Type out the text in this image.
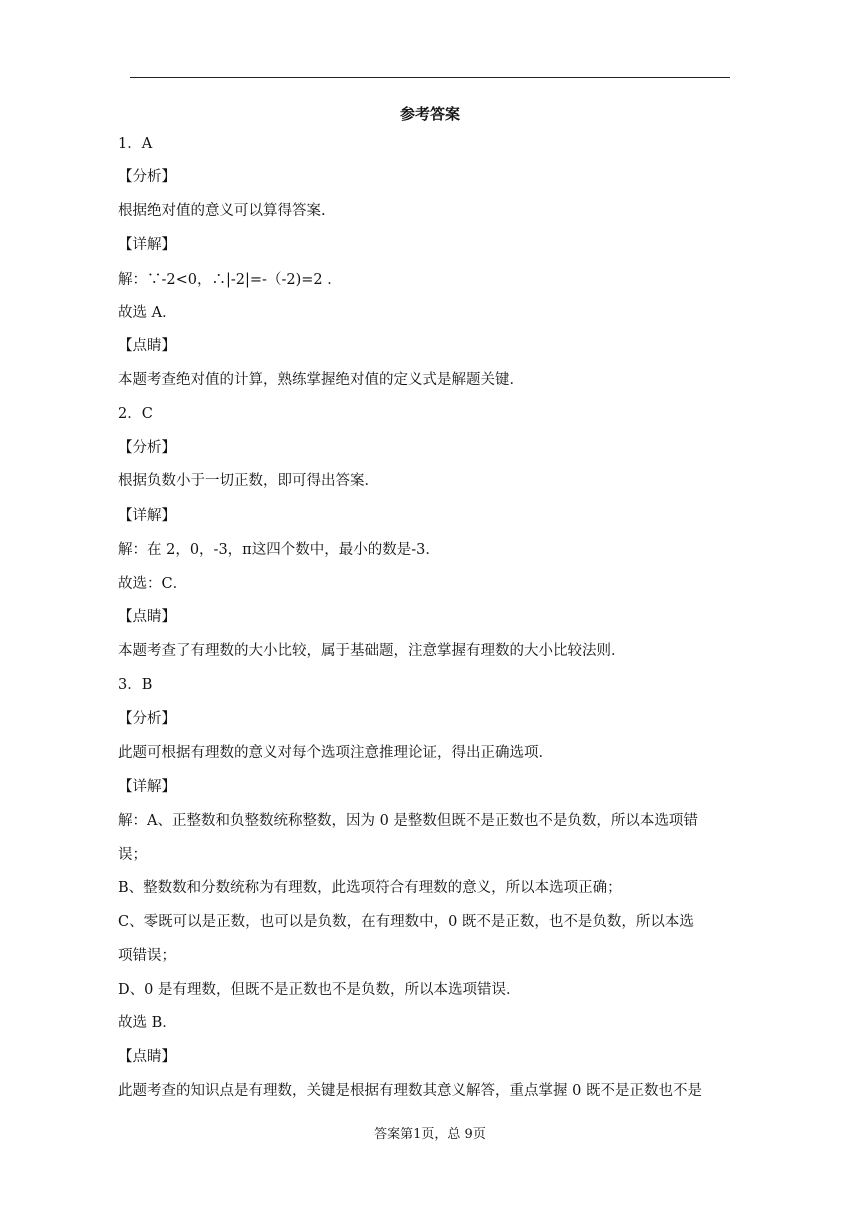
参考答案
1．A
【分析】
根据绝对值的意义可以算得答案.
【详解】
解：∵-2<0，∴|-2|=-（-2)=2 ．
故选 A．
【点睛】
本题考查绝对值的计算，熟练掌握绝对值的定义式是解题关键．
2．C
【分析】
根据负数小于一切正数，即可得出答案．
【详解】
解：在 2，0，-3，π这四个数中，最小的数是-3．
故选：C．
【点睛】
本题考查了有理数的大小比较，属于基础题，注意掌握有理数的大小比较法则．
3．B
【分析】
此题可根据有理数的意义对每个选项注意推理论证，得出正确选项．
【详解】
解：A、正整数和负整数统称整数，因为 0 是整数但既不是正数也不是负数，所以本选项错
误；
B、整数数和分数统称为有理数，此选项符合有理数的意义，所以本选项正确；
C、零既可以是正数，也可以是负数，在有理数中，0 既不是正数，也不是负数，所以本选
项错误；
D、0 是有理数，但既不是正数也不是负数，所以本选项错误．
故选 B．
【点睛】
此题考查的知识点是有理数，关键是根据有理数其意义解答，重点掌握 0 既不是正数也不是
答案第1页，总 9页
